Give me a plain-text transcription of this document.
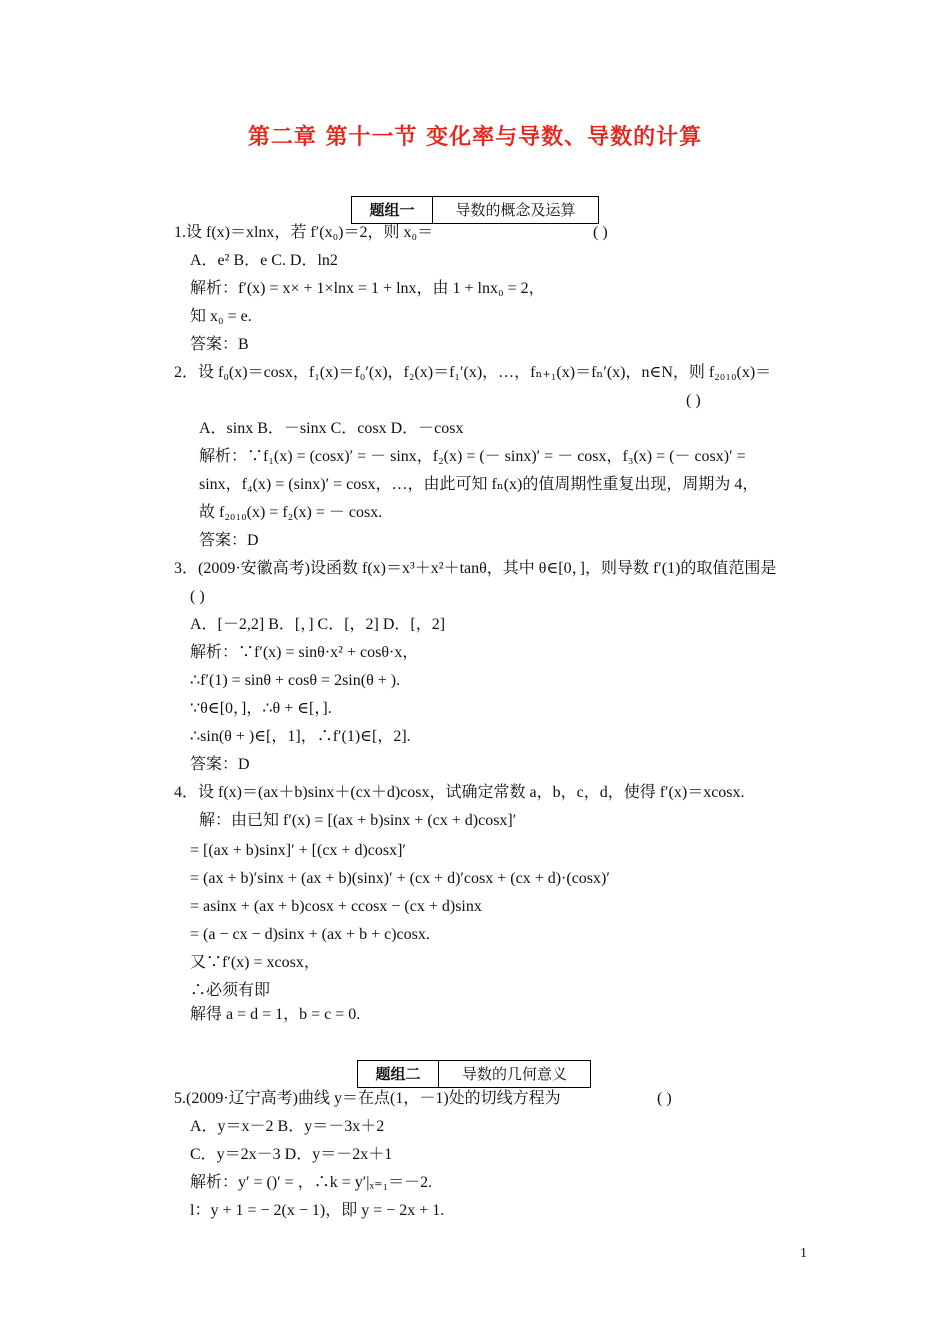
第二章 第十一节 变化率与导数、导数的计算
题组一	导数的概念及运算
题组二	导数的几何意义
1.设 f(x)＝xlnx，若 f′(x₀)＝2，则 x₀＝
A．e² B．e C. D．ln2
解析：f′(x) = x× + 1×lnx = 1 + lnx，由 1 + lnx₀ = 2，
知 x₀ = e.
答案：B
2．设 f₀(x)＝cosx，f₁(x)＝f₀′(x)，f₂(x)＝f₁′(x)，…，fₙ₊₁(x)＝fₙ′(x)，n∈N，则 f₂₀₁₀(x)＝
A．sinx B．－sinx C．cosx D．－cosx
解析：∵f₁(x) = (cosx)′ = － sinx，f₂(x) = (－ sinx)′ = － cosx，f₃(x) = (－ cosx)′ =
sinx，f₄(x) = (sinx)′ = cosx，…，由此可知 fₙ(x)的值周期性重复出现，周期为 4，
故 f₂₀₁₀(x) = f₂(x) = － cosx.
答案：D
3．(2009·安徽高考)设函数 f(x)＝x³＋x²＋tanθ，其中 θ∈[0，]，则导数 f′(1)的取值范围是
( )
A．[－2,2] B．[，] C．[，2] D．[，2]
解析：∵f′(x) = sinθ·x² + cosθ·x，
∴f′(1) = sinθ + cosθ = 2sin(θ + ).
∵θ∈[0，]，∴θ + ∈[，].
∴sin(θ + )∈[，1]，∴f′(1)∈[，2].
答案：D
4．设 f(x)＝(ax＋b)sinx＋(cx＋d)cosx，试确定常数 a，b，c，d，使得 f′(x)＝xcosx.
解：由已知 f′(x) = [(ax + b)sinx + (cx + d)cosx]′
= [(ax + b)sinx]′ + [(cx + d)cosx]′
= (ax + b)′sinx + (ax + b)(sinx)′ + (cx + d)′cosx + (cx + d)·(cosx)′
= asinx + (ax + b)cosx + ccosx − (cx + d)sinx
= (a − cx − d)sinx + (ax + b + c)cosx.
又∵f′(x) = xcosx，
∴必须有即
解得 a = d = 1，b = c = 0.
5.(2009·辽宁高考)曲线 y＝在点(1，－1)处的切线方程为
A．y＝x－2 B．y＝－3x＋2
C．y＝2x－3 D．y＝－2x＋1
解析：y′ = ()′ = ，∴k = y′|ₓ₌₁＝－2.
l：y + 1 = − 2(x − 1)，即 y = − 2x + 1.
( )
( )
( )
1
